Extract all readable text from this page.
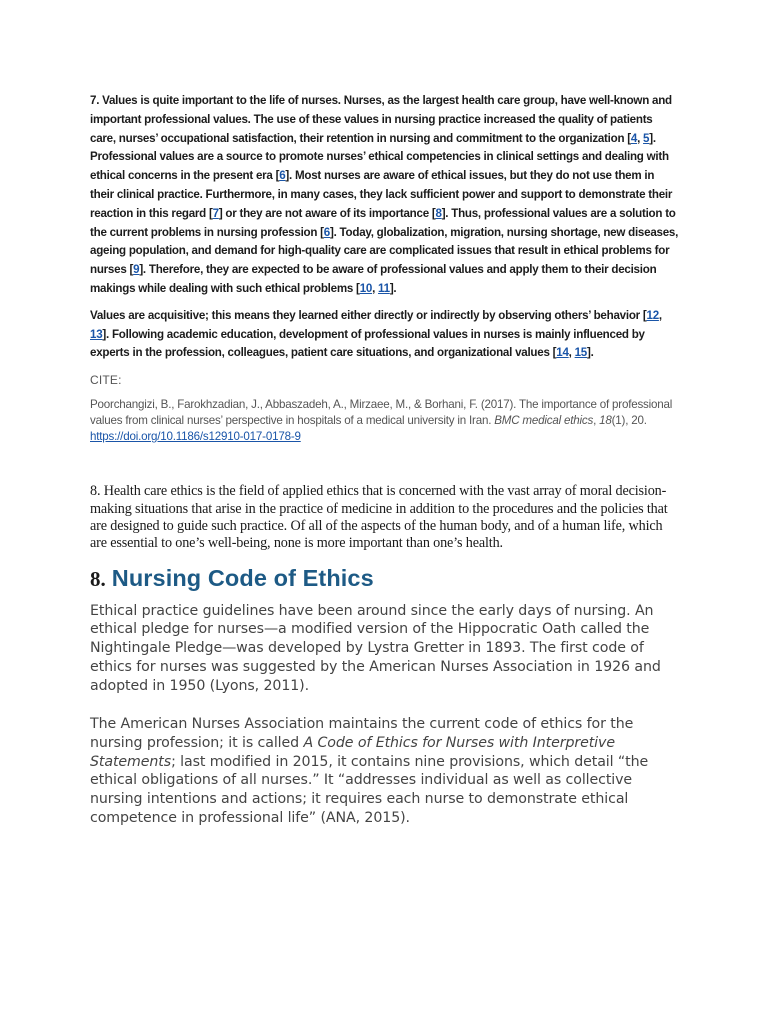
7. Values is quite important to the life of nurses. Nurses, as the largest health care group, have well-known and important professional values. The use of these values in nursing practice increased the quality of patients care, nurses’ occupational satisfaction, their retention in nursing and commitment to the organization [4, 5]. Professional values are a source to promote nurses’ ethical competencies in clinical settings and dealing with ethical concerns in the present era [6]. Most nurses are aware of ethical issues, but they do not use them in their clinical practice. Furthermore, in many cases, they lack sufficient power and support to demonstrate their reaction in this regard [7] or they are not aware of its importance [8]. Thus, professional values are a solution to the current problems in nursing profession [6]. Today, globalization, migration, nursing shortage, new diseases, ageing population, and demand for high-quality care are complicated issues that result in ethical problems for nurses [9]. Therefore, they are expected to be aware of professional values and apply them to their decision makings while dealing with such ethical problems [10, 11].

Values are acquisitive; this means they learned either directly or indirectly by observing others’ behavior [12, 13]. Following academic education, development of professional values in nurses is mainly influenced by experts in the profession, colleagues, patient care situations, and organizational values [14, 15].

CITE:

Poorchangizi, B., Farokhzadian, J., Abbaszadeh, A., Mirzaee, M., & Borhani, F. (2017). The importance of professional values from clinical nurses’ perspective in hospitals of a medical university in Iran. BMC medical ethics, 18(1), 20. https://doi.org/10.1186/s12910-017-0178-9

8. Health care ethics is the field of applied ethics that is concerned with the vast array of moral decision-making situations that arise in the practice of medicine in addition to the procedures and the policies that are designed to guide such practice. Of all of the aspects of the human body, and of a human life, which are essential to one’s well-being, none is more important than one’s health.

8. Nursing Code of Ethics

Ethical practice guidelines have been around since the early days of nursing. An ethical pledge for nurses—a modified version of the Hippocratic Oath called the Nightingale Pledge—was developed by Lystra Gretter in 1893. The first code of ethics for nurses was suggested by the American Nurses Association in 1926 and adopted in 1950 (Lyons, 2011).

The American Nurses Association maintains the current code of ethics for the nursing profession; it is called A Code of Ethics for Nurses with Interpretive Statements; last modified in 2015, it contains nine provisions, which detail “the ethical obligations of all nurses.” It “addresses individual as well as collective nursing intentions and actions; it requires each nurse to demonstrate ethical competence in professional life” (ANA, 2015).
